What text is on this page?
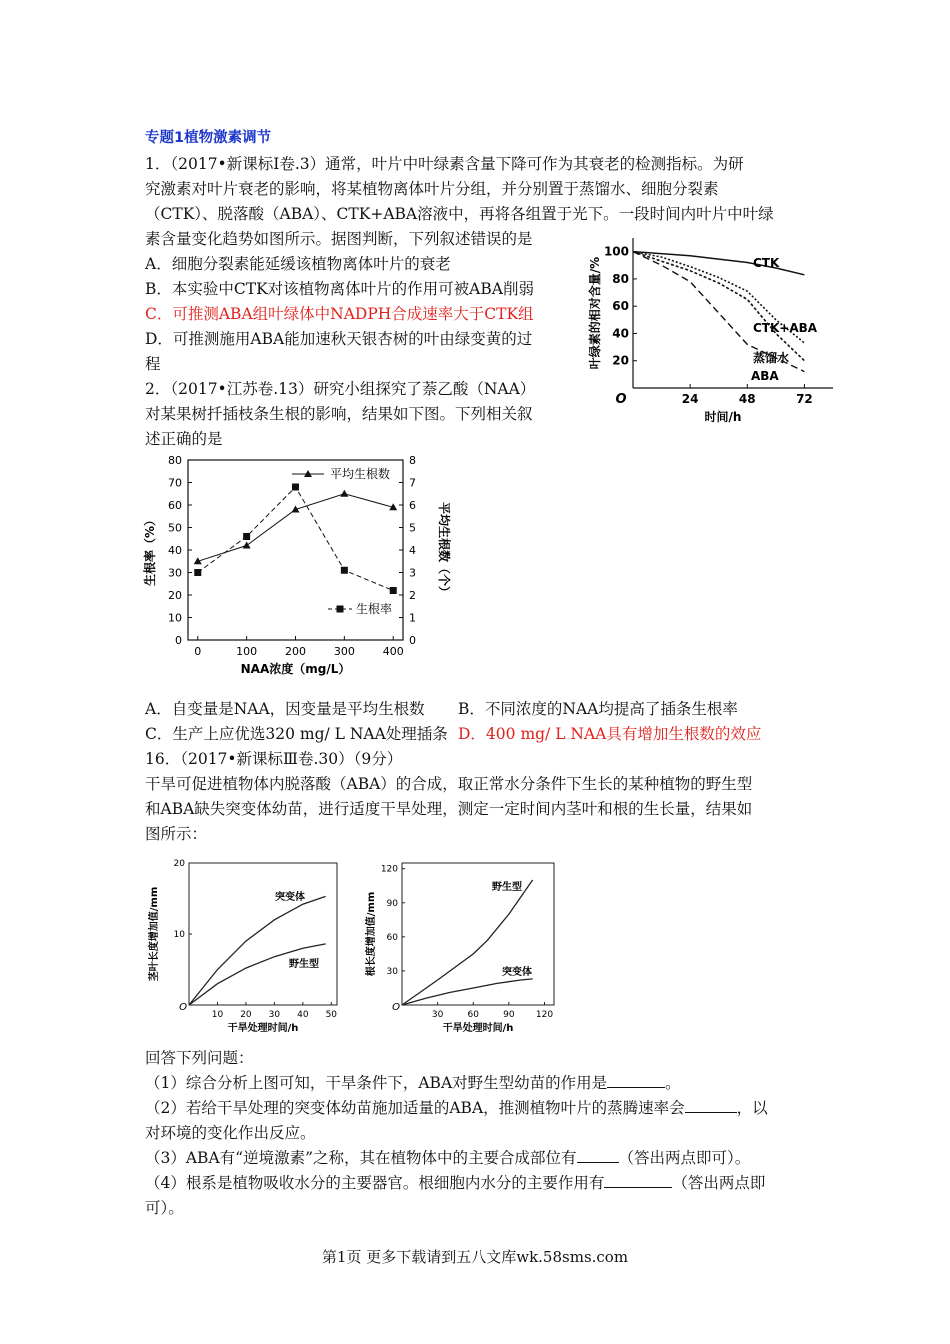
专题1植物激素调节
1．（2017•新课标Ⅰ卷.3）通常，叶片中叶绿素含量下降可作为其衰老的检测指标。为研
究激素对叶片衰老的影响，将某植物离体叶片分组，并分别置于蒸馏水、细胞分裂素
（CTK）、脱落酸（ABA）、CTK+ABA溶液中，再将各组置于光下。一段时间内叶片中叶绿
素含量变化趋势如图所示。据图判断，下列叙述错误的是
A．细胞分裂素能延缓该植物离体叶片的衰老
B．本实验中CTK对该植物离体叶片的作用可被ABA削弱
C．可推测ABA组叶绿体中NADPH合成速率大于CTK组
D．可推测施用ABA能加速秋天银杏树的叶由绿变黄的过
程	20
40
60
80
100
24	48	72
O
时间/h
叶绿素的相对含量/%	CTK
CTK+ABA
蒸馏水
ABA
2．（2017•江苏卷.13）研究小组探究了萘乙酸（NAA）
对某果树扦插枝条生根的影响，结果如下图。下列相关叙
述正确的是
0
10
20
30
40
50
60
70
80
0
1
2
3
4
5
6
7
8
0	100	200	300	400
NAA浓度（mg/L）
生根率（%）	平均生根数（个）
平均生根数
生根率
A．自变量是NAA，因变量是平均生根数 B．不同浓度的NAA均提高了插条生根率
C．生产上应优选320 mg/ L NAA处理插条 D．400 mg/ L NAA具有增加生根数的效应
16．（2017•新课标Ⅲ卷.30）（9分）
干旱可促进植物体内脱落酸（ABA）的合成，取正常水分条件下生长的某种植物的野生型
和ABA缺失突变体幼苗，进行适度干旱处理，测定一定时间内茎叶和根的生长量，结果如
图所示：
10
20
10 20 30 40 50
O
干旱处理时间/h
茎叶长度增加值/mm	突变体
野生型
30
60
90
120
30	60	90 120
O
干旱处理时间/h
根长度增加值/mm
野生型
突变体
回答下列问题：
（1）综合分析上图可知，干旱条件下，ABA对野生型幼苗的作用是	。
（2）若给干旱处理的突变体幼苗施加适量的ABA，推测植物叶片的蒸腾速率会	，以
对环境的变化作出反应。
（3）ABA有“逆境激素”之称，其在植物体中的主要合成部位有	（答出两点即可）。
（4）根系是植物吸收水分的主要器官。根细胞内水分的主要作用有	（答出两点即
可）。
第1页 更多下载请到五八文库wk.58sms.com
